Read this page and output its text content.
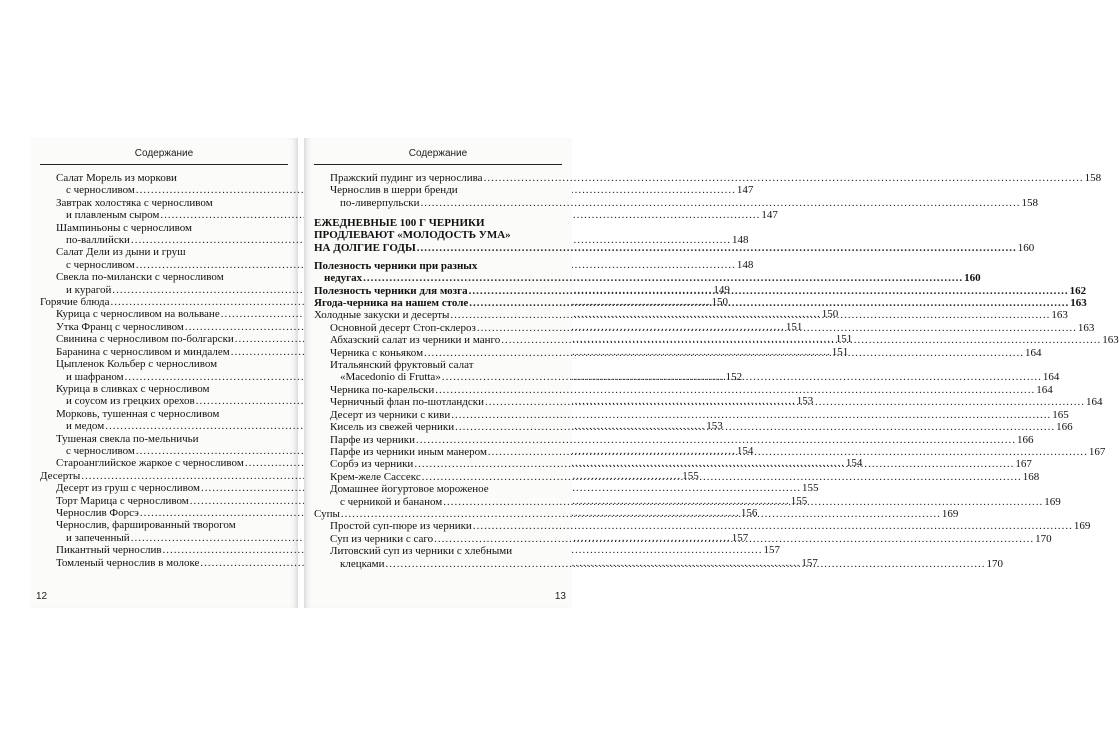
Содержание
Салат Морель из моркови
с черносливом .....	147
Завтрак холостяка с черносливом
и плавленым сыром .....	147
Шампиньоны с черносливом
по-валлийски .....	148
Салат Дели из дыни и груш
с черносливом .....	148
Свекла по-милански с черносливом
и курагой .....	149
Горячие блюда .....	150
Курица с черносливом на вольване .....	150
Утка Франц с черносливом .....	151
Свинина с черносливом по-болгарски .....	151
Баранина с черносливом и миндалем .....	151
Цыпленок Кольбер с черносливом
и шафраном .....	152
Курица в сливках с черносливом
и соусом из грецких орехов .....	153
Морковь, тушенная с черносливом
и медом .....	153
Тушеная свекла по-мельничьи
с черносливом .....	154
Староанглийское жаркое с черносливом .....	154
Десерты .....	155
Десерт из груш с черносливом .....	155
Торт Марица с черносливом .....	155
Чернослив Форсэ .....	156
Чернослив, фаршированный творогом
и запеченный .....	157
Пикантный чернослив .....	157
Томленый чернослив в молоке .....	157
12
Содержание
Пражский пудинг из чернослива .....	158
Чернослив в шерри бренди
по-ливерпульски .....	158
ЕЖЕДНЕВНЫЕ 100 Г ЧЕРНИКИ
ПРОДЛЕВАЮТ «МОЛОДОСТЬ УМА»
НА ДОЛГИЕ ГОДЫ .....	160
Полезность черники при разных
недугах .....	160
Полезность черники для мозга .....	162
Ягода-черника на нашем столе .....	163
Холодные закуски и десерты .....	163
Основной десерт Стоп-склероз .....	163
Абхазский салат из черники и манго .....	163
Черника с коньяком .....	164
Итальянский фруктовый салат
«Macedonio di Frutta» .....	164
Черника по-карельски .....	164
Черничный флан по-шотландски .....	164
Десерт из черники с киви .....	165
Кисель из свежей черники .....	166
Парфе из черники .....	166
Парфе из черники иным манером .....	167
Сорбэ из черники .....	167
Крем-желе Сассекс .....	168
Домашнее йогуртовое мороженое
с черникой и бананом .....	169
Супы .....	169
Простой суп-пюре из черники .....	169
Суп из черники с саго .....	170
Литовский суп из черники с хлебными
клецками .....	170
13
